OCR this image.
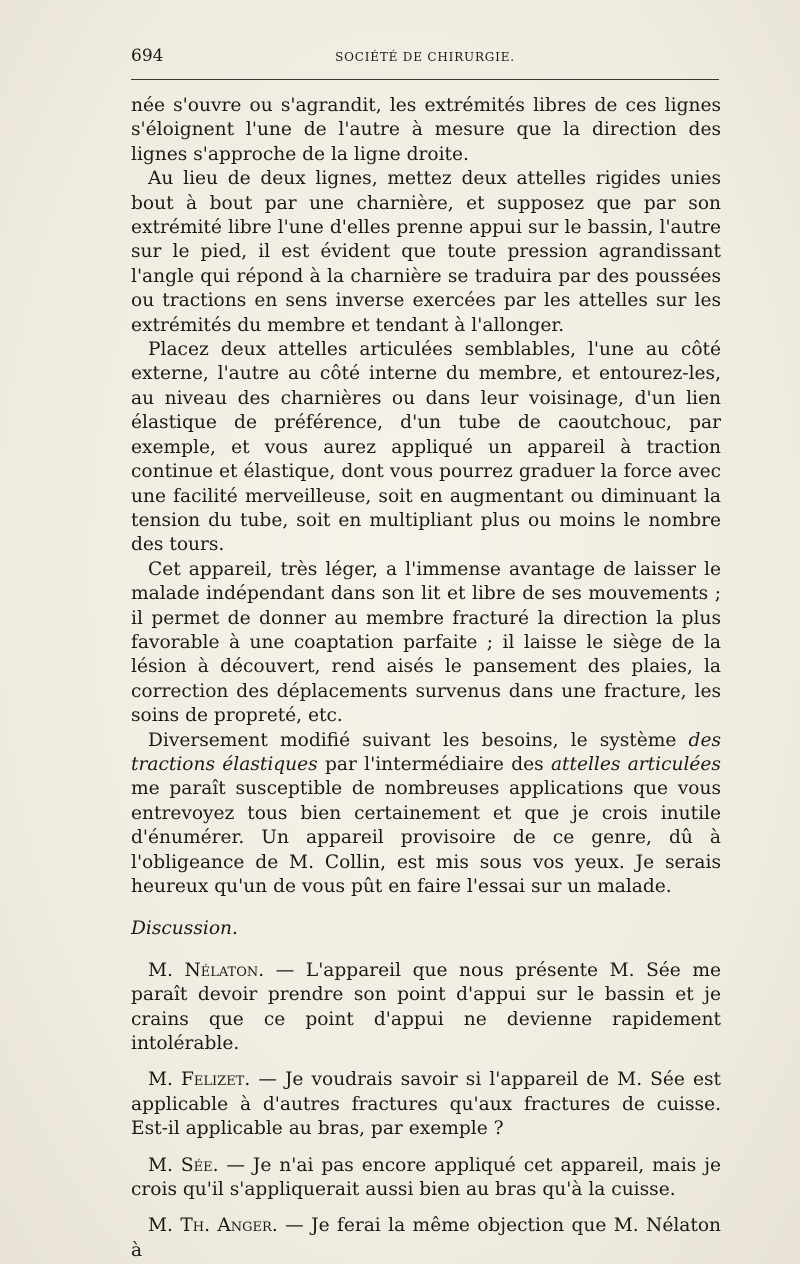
694	SOCIÉTÉ DE CHIRURGIE.

née s'ouvre ou s'agrandit, les extrémités libres de ces lignes s'éloignent l'une de l'autre à mesure que la direction des lignes s'approche de la ligne droite.

Au lieu de deux lignes, mettez deux attelles rigides unies bout à bout par une charnière, et supposez que par son extrémité libre l'une d'elles prenne appui sur le bassin, l'autre sur le pied, il est évident que toute pression agrandissant l'angle qui répond à la charnière se traduira par des poussées ou tractions en sens inverse exercées par les attelles sur les extrémités du membre et tendant à l'allonger.

Placez deux attelles articulées semblables, l'une au côté externe, l'autre au côté interne du membre, et entourez-les, au niveau des charnières ou dans leur voisinage, d'un lien élastique de préférence, d'un tube de caoutchouc, par exemple, et vous aurez appliqué un appareil à traction continue et élastique, dont vous pourrez graduer la force avec une facilité merveilleuse, soit en augmentant ou diminuant la tension du tube, soit en multipliant plus ou moins le nombre des tours.

Cet appareil, très léger, a l'immense avantage de laisser le malade indépendant dans son lit et libre de ses mouvements ; il permet de donner au membre fracturé la direction la plus favorable à une coaptation parfaite ; il laisse le siège de la lésion à découvert, rend aisés le pansement des plaies, la correction des déplacements survenus dans une fracture, les soins de propreté, etc.

Diversement modifié suivant les besoins, le système des tractions élastiques par l'intermédiaire des attelles articulées me paraît susceptible de nombreuses applications que vous entrevoyez tous bien certainement et que je crois inutile d'énumérer. Un appareil provisoire de ce genre, dû à l'obligeance de M. Collin, est mis sous vos yeux. Je serais heureux qu'un de vous pût en faire l'essai sur un malade.

Discussion.

M. Nélaton. — L'appareil que nous présente M. Sée me paraît devoir prendre son point d'appui sur le bassin et je crains que ce point d'appui ne devienne rapidement intolérable.

M. Felizet. — Je voudrais savoir si l'appareil de M. Sée est applicable à d'autres fractures qu'aux fractures de cuisse. Est-il applicable au bras, par exemple ?

M. Sée. — Je n'ai pas encore appliqué cet appareil, mais je crois qu'il s'appliquerait aussi bien au bras qu'à la cuisse.

M. Th. Anger. — Je ferai la même objection que M. Nélaton à
